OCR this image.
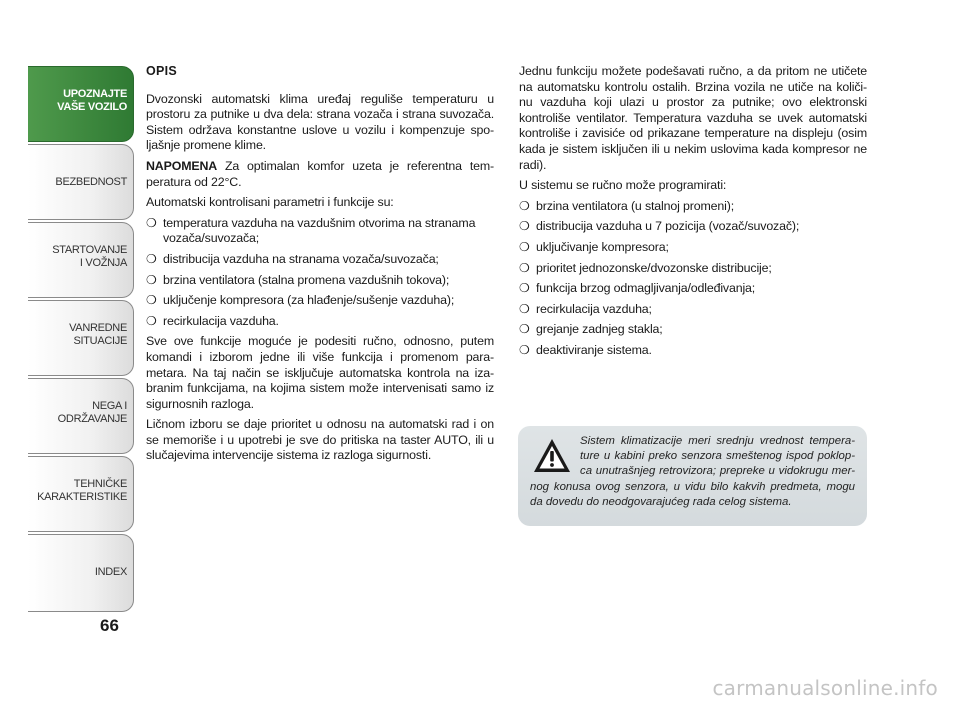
UPOZNAJTE
VAŠE VOZILO
BEZBEDNOST
STARTOVANJE
I VOŽNJA
VANREDNE
SITUACIJE
NEGA I
ODRŽAVANJE
TEHNIČKE
KARAKTERISTIKE
INDEX
66

OPIS

Dvozonski automatski klima uređaj reguliše temperaturu u prostoru za putnike u dva dela: strana vozača i strana suvozača. Sistem održava konstantne uslove u vozilu i kompenzuje spo-ljašnje promene klime.

NAPOMENA Za optimalan komfor uzeta je referentna tem-peratura od 22°C.

Automatski kontrolisani parametri i funkcije su:

❍ temperatura vazduha na vazdušnim otvorima na stranama vozača/suvozača;
❍ distribucija vazduha na stranama vozača/suvozača;
❍ brzina ventilatora (stalna promena vazdušnih tokova);
❍ uključenje kompresora (za hlađenje/sušenje vazduha);
❍ recirkulacija vazduha.

Sve ove funkcije moguće je podesiti ručno, odnosno, putem komandi i izborom jedne ili više funkcija i promenom para-metara. Na taj način se isključuje automatska kontrola na iza-branim funkcijama, na kojima sistem može intervenisati samo iz sigurnosnih razloga.

Ličnom izboru se daje prioritet u odnosu na automatski rad i on se memoriše i u upotrebi je sve do pritiska na taster AUTO, ili u slučajevima intervencije sistema iz razloga sigurnosti.

Jednu funkciju možete podešavati ručno, a da pritom ne utičete na automatsku kontrolu ostalih. Brzina vozila ne utiče na količi-nu vazduha koji ulazi u prostor za putnike; ovo elektronski kontroliše ventilator. Temperatura vazduha se uvek automatski kontroliše i zavisiće od prikazane temperature na displeju (osim kada je sistem isključen ili u nekim uslovima kada kompresor ne radi).

U sistemu se ručno može programirati:

❍ brzina ventilatora (u stalnoj promeni);
❍ distribucija vazduha u 7 pozicija (vozač/suvozač);
❍ uključivanje kompresora;
❍ prioritet jednozonske/dvozonske distribucije;
❍ funkcija brzog odmagljivanja/odleđivanja;
❍ recirkulacija vazduha;
❍ grejanje zadnjeg stakla;
❍ deaktiviranje sistema.
Sistem klimatizacije meri srednju vrednost tempera-ture u kabini preko senzora smeštenog ispod poklop-ca unutrašnjeg retrovizora; prepreke u vidokrugu mer-nog konusa ovog senzora, u vidu bilo kakvih predmeta, mogu da dovedu do neodgovarajućeg rada celog sistema.
carmanualsonline.info
